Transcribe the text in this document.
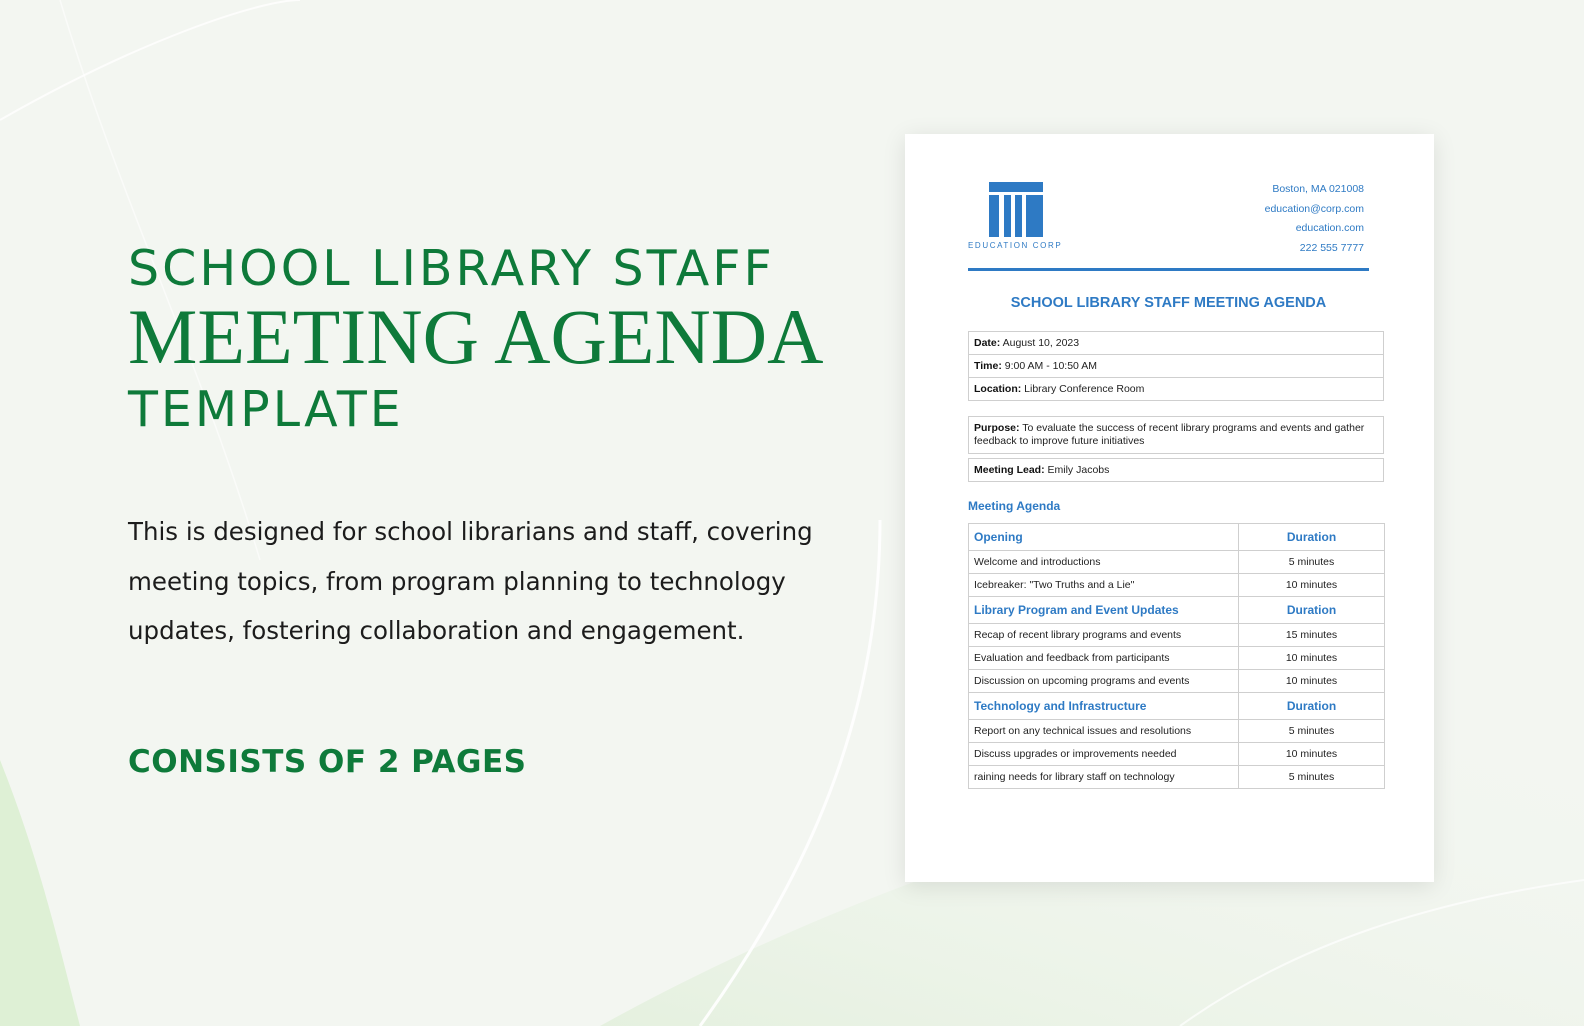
SCHOOL LIBRARY STAFF
MEETING AGENDA
TEMPLATE
This is designed for school librarians and staff, covering meeting topics, from program planning to technology updates, fostering collaboration and engagement.
CONSISTS OF 2 PAGES
EDUCATION CORP
Boston, MA 021008
education@corp.com
education.com
222 555 7777
SCHOOL LIBRARY STAFF MEETING AGENDA
Date: August 10, 2023
Time: 9:00 AM - 10:50 AM
Location: Library Conference Room
Purpose: To evaluate the success of recent library programs and events and gather feedback to improve future initiatives
Meeting Lead: Emily Jacobs
Meeting Agenda
Opening	Duration
Welcome and introductions	5 minutes
Icebreaker: "Two Truths and a Lie"	10 minutes
Library Program and Event Updates	Duration
Recap of recent library programs and events	15 minutes
Evaluation and feedback from participants	10 minutes
Discussion on upcoming programs and events	10 minutes
Technology and Infrastructure	Duration
Report on any technical issues and resolutions	5 minutes
Discuss upgrades or improvements needed	10 minutes
raining needs for library staff on technology	5 minutes
